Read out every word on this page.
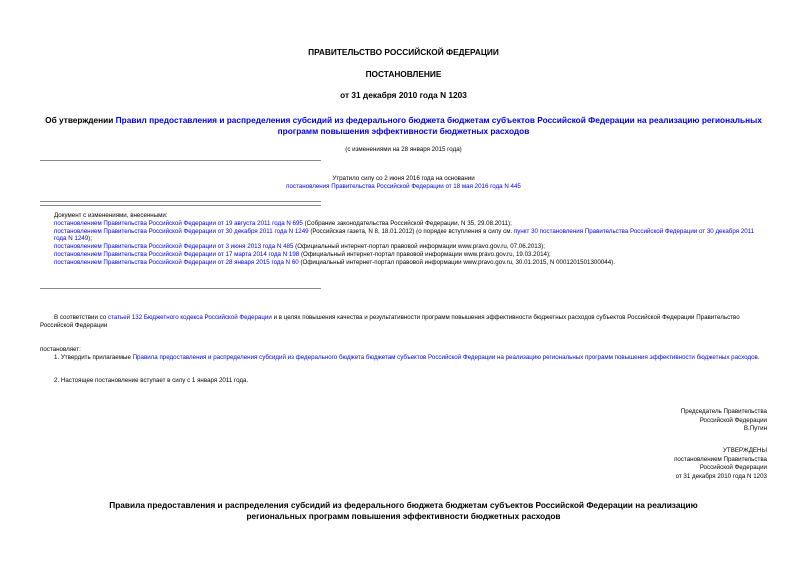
ПРАВИТЕЛЬСТВО РОССИЙСКОЙ ФЕДЕРАЦИИ
ПОСТАНОВЛЕНИЕ
от 31 декабря 2010 года N 1203
Об утверждении Правил предоставления и распределения субсидий из федерального бюджета бюджетам субъектов Российской Федерации на реализацию региональных программ повышения эффективности бюджетных расходов
(с изменениями на 28 января 2015 года)
Утратило силу со 2 июня 2016 года на основании
постановления Правительства Российской Федерации от 18 мая 2016 года N 445
Документ с изменениями, внесенными:
постановлением Правительства Российской Федерации от 19 августа 2011 года N 695 (Собрание законодательства Российской Федерации, N 35, 29.08.2011);
постановлением Правительства Российской Федерации от 30 декабря 2011 года N 1249 (Российская газета, N 8, 18.01.2012) (о порядке вступления в силу см. пункт 30 постановления Правительства Российской Федерации от 30 декабря 2011 года N 1249);
постановлением Правительства Российской Федерации от 3 июня 2013 года N 485 (Официальный интернет-портал правовой информации www.pravo.gov.ru, 07.06.2013);
постановлением Правительства Российской Федерации от 17 марта 2014 года N 198 (Официальный интернет-портал правовой информации www.pravo.gov.ru, 19.03.2014);
постановлением Правительства Российской Федерации от 28 января 2015 года N 60 (Официальный интернет-портал правовой информации www.pravo.gov.ru, 30.01.2015, N 0001201501300044).

В соответствии со статьей 132 Бюджетного кодекса Российской Федерации и в целях повышения качества и результативности программ повышения эффективности бюджетных расходов субъектов Российской Федерации Правительство Российской Федерации

постановляет:

1. Утвердить прилагаемые Правила предоставления и распределения субсидий из федерального бюджета бюджетам субъектов Российской Федерации на реализацию региональных программ повышения эффективности бюджетных расходов.

2. Настоящее постановление вступает в силу с 1 января 2011 года.

Председатель Правительства
Российской Федерации
В.Путин
УТВЕРЖДЕНЫ
постановлением Правительства
Российской Федерации
от 31 декабря 2010 года N 1203
Правила предоставления и распределения субсидий из федерального бюджета бюджетам субъектов Российской Федерации на реализацию региональных программ повышения эффективности бюджетных расходов
